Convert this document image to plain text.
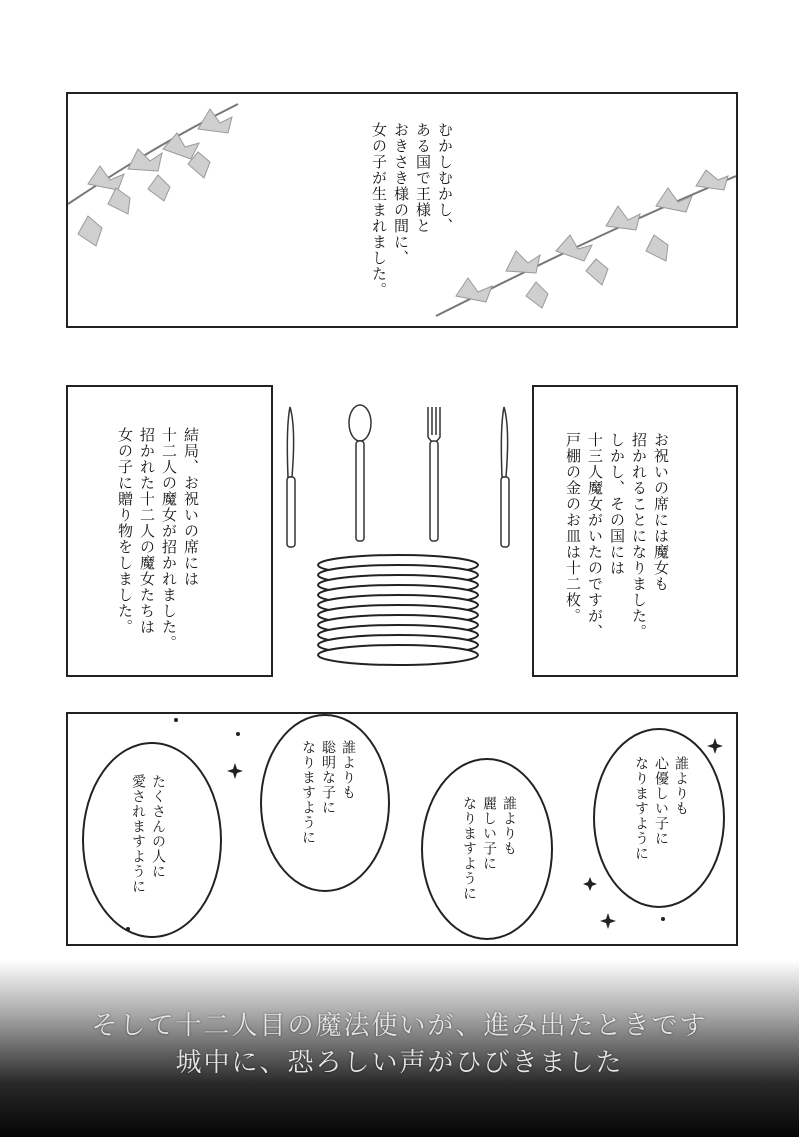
むかしむかし、
ある国で王様と
おきさき様の間に、
女の子が生まれました。
結局、お祝いの席には
十二人の魔女が招かれました。
招かれた十二人の魔女たちは
女の子に贈り物をしました。	お祝いの席には魔女も
招かれることになりました。
しかし、その国には
十三人魔女がいたのですが、
戸棚の金のお皿は十二枚。
誰よりも
心優しい子に
なりますように
誰よりも
麗しい子に
なりますように
誰よりも
聡明な子に
なりますように
たくさんの人に
愛されますように
そして十二人目の魔法使いが、進み出たときです
城中に、恐ろしい声がひびきました
